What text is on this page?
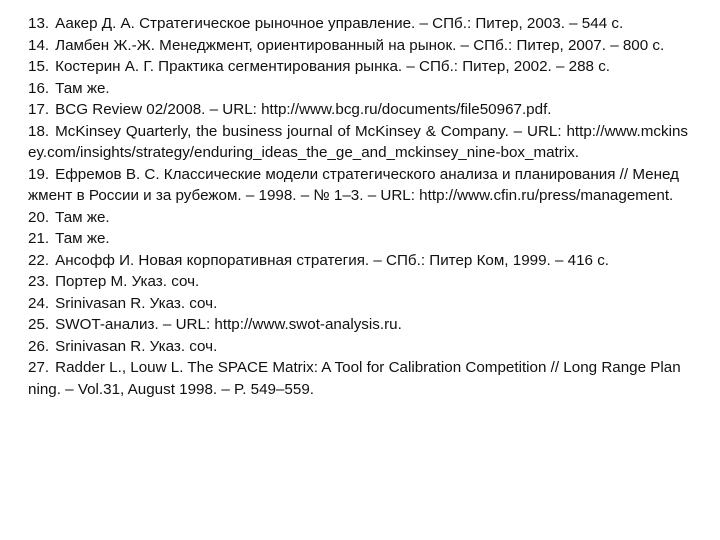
13. Аакер Д. А. Стратегическое рыночное управление. – СПб.: Питер, 2003. – 544 с.
14. Ламбен Ж.-Ж. Менеджмент, ориентированный на рынок. – СПб.: Питер, 2007. – 800 с.
15. Костерин А. Г. Практика сегментирования рынка. – СПб.: Питер, 2002. – 288 с.
16. Там же.
17. BCG Review 02/2008. – URL: http://www.bcg.ru/documents/file50967.pdf.
18. McKinsey Quarterly, the business journal of McKinsey & Company. – URL: http://www.mckinsey.com/insights/strategy/enduring_ideas_the_ge_and_mckinsey_nine-box_matrix.
19. Ефремов В. С. Классические модели стратегического анализа и планирования // Менеджмент в России и за рубежом. – 1998. – № 1–3. – URL: http://www.cfin.ru/press/management.
20. Там же.
21. Там же.
22. Ансофф И. Новая корпоративная стратегия. – СПб.: Питер Ком, 1999. – 416 с.
23. Портер М. Указ. соч.
24. Srinivasan R. Указ. соч.
25. SWOT-анализ. – URL: http://www.swot-analysis.ru.
26. Srinivasan R. Указ. соч.
27. Radder L., Louw L. The SPACE Matrix: A Tool for Calibration Competition // Long Range Planning. – Vol.31, August 1998. – P. 549–559.
